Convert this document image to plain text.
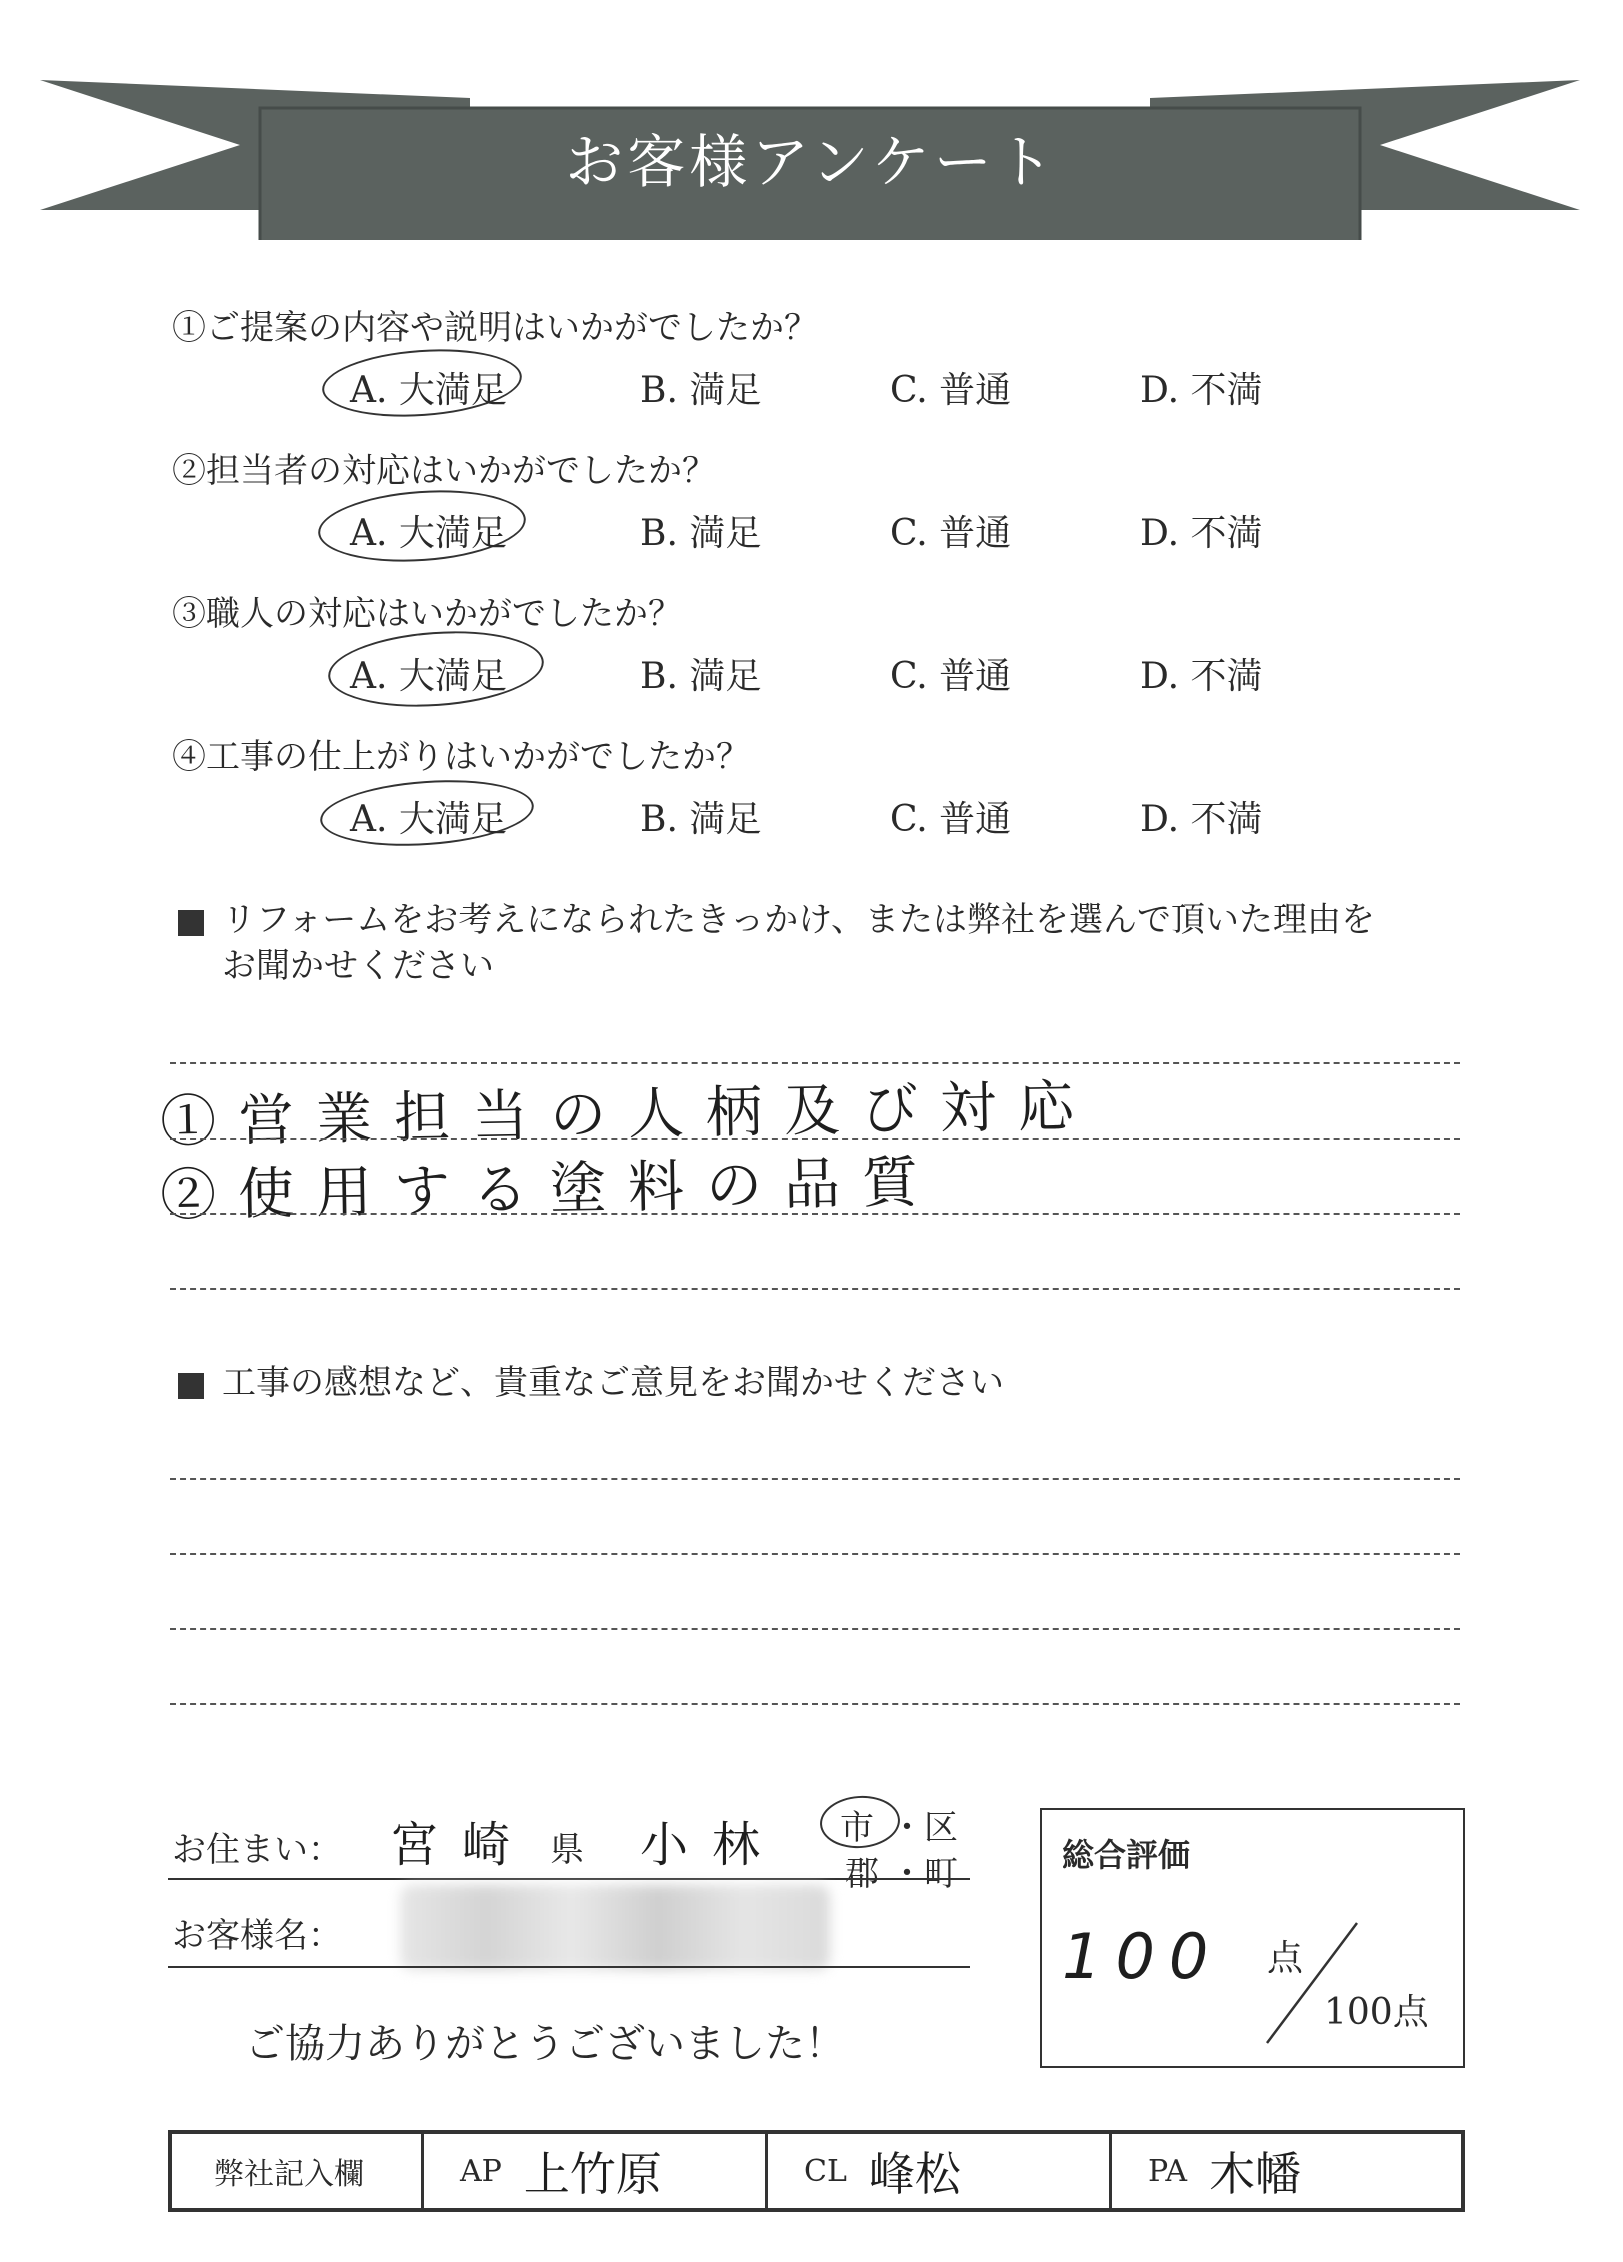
お客様アンケート
①ご提案の内容や説明はいかがでしたか？
A. 大満足	B. 満足	C. 普通	D. 不満
②担当者の対応はいかがでしたか？
A. 大満足	B. 満足	C. 普通	D. 不満
③職人の対応はいかがでしたか？
A. 大満足	B. 満足	C. 普通	D. 不満
④工事の仕上がりはいかがでしたか？
A. 大満足	B. 満足	C. 普通	D. 不満
リフォームをお考えになられたきっかけ、または弊社を選んで頂いた理由を
お聞かせください
①営業担当の人柄及び対応
②使用する塗料の品質
工事の感想など、貴重なご意見をお聞かせください
お住まい： 宮崎 県 小林 市 ・区
郡 ・町
お客様名：
ご協力ありがとうございました！
総合評価
100 点
100点
弊社記入欄	AP 上竹原	CL 峰松	PA 木幡
